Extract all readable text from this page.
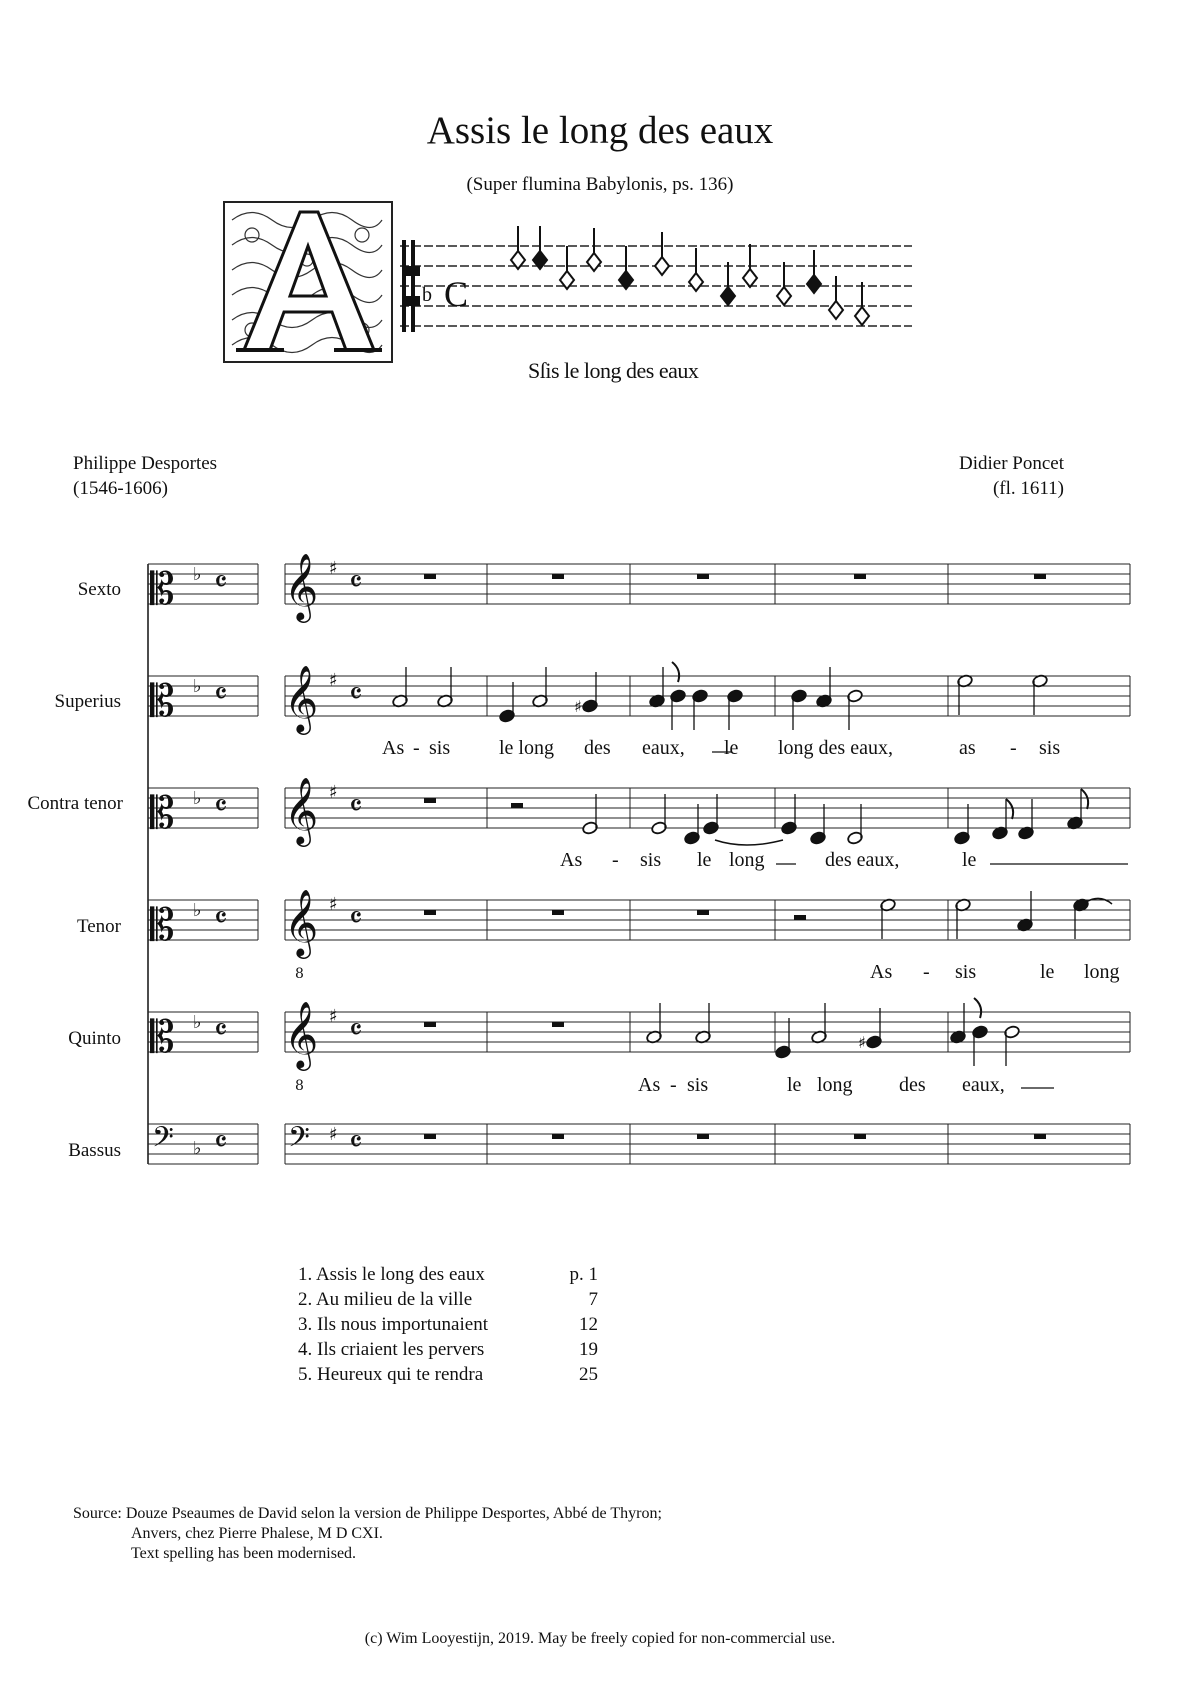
Assis le long des eaux
(Super flumina Babylonis, ps. 136)
b C
Sſis le long des eaux
Philippe Desportes
(1546-1606)
Didier Poncet
(fl. 1611)
Sexto
Superius
Contra tenor
Tenor
Quinto
Bassus
𝄡 ♭ 𝄴 𝄞 ♯ 𝄴
𝄡 ♭ 𝄴 𝄞 ♯ 𝄴
𝄡 ♭ 𝄴 𝄞 ♯ 𝄴
𝄡 ♭ 𝄴 𝄞 ♯
8
𝄴
𝄡 ♭ 𝄴 𝄞 ♯
8
𝄴
𝄢 ♭ 𝄴 𝄢 ♯ 𝄴
♯
♯
As - sis le long des eaux, le long des eaux,	as - sis
As - sis le long	des eaux,	le
As - sis	le long
As - sis	le long des eaux,
1. Assis le long des eaux	p. 1
2. Au milieu de la ville	7
3. Ils nous importunaient	12
4. Ils criaient les pervers	19
5. Heureux qui te rendra	25
Source: Douze Pseaumes de David selon la version de Philippe Desportes, Abbé de Thyron;
Anvers, chez Pierre Phalese, M D CXI.
Text spelling has been modernised.
(c) Wim Looyestijn, 2019. May be freely copied for non-commercial use.
